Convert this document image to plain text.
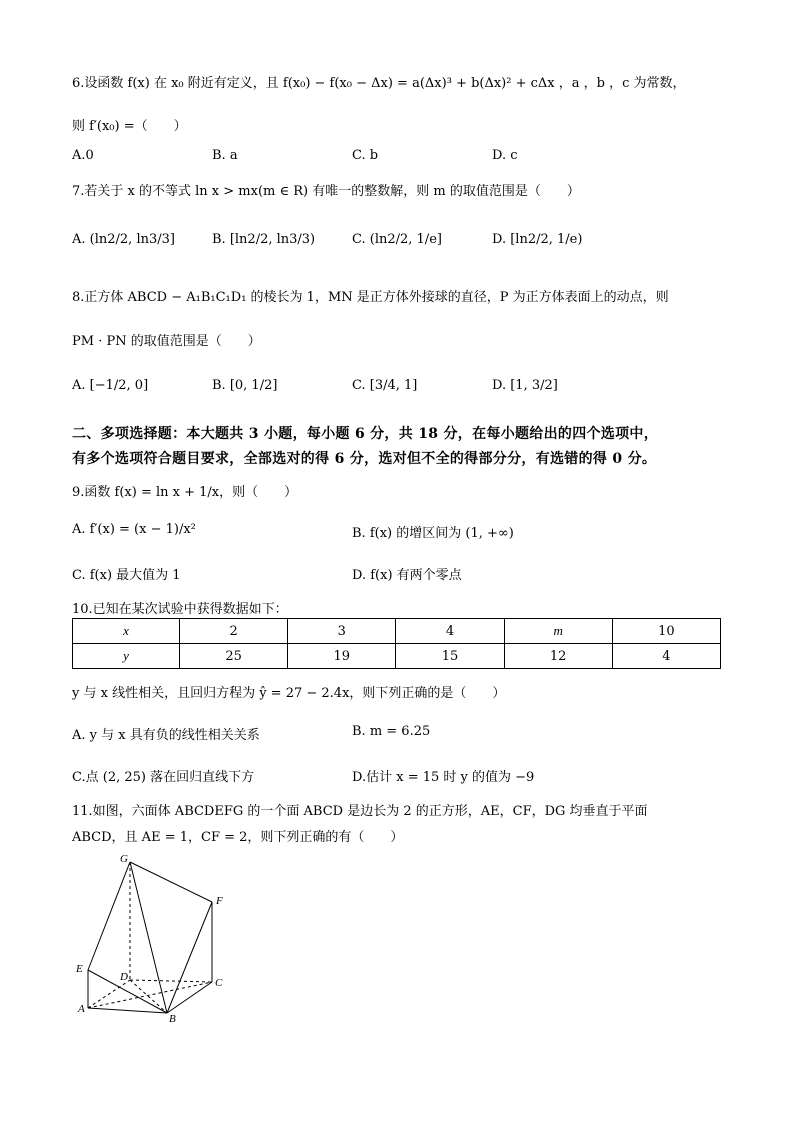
6.设函数 f(x) 在 x₀ 附近有定义，且 f(x₀) − f(x₀ − Δx) = a(Δx)³ + b(Δx)² + cΔx ，a ，b ，c 为常数，
则 f′(x₀) =（　　）
A.0	B. a	C. b	D. c
7.若关于 x 的不等式 ln x > mx(m ∈ R) 有唯一的整数解，则 m 的取值范围是（　　）
A. (ln2/2, ln3/3]	B. [ln2/2, ln3/3)	C. (ln2/2, 1/e]	D. [ln2/2, 1/e)
8.正方体 ABCD − A₁B₁C₁D₁ 的棱长为 1，MN 是正方体外接球的直径，P 为正方体表面上的动点，则
PM · PN 的取值范围是（　　）
A. [−1/2, 0]	B. [0, 1/2]	C. [3/4, 1]	D. [1, 3/2]
二、多项选择题：本大题共 3 小题，每小题 6 分，共 18 分，在每小题给出的四个选项中，
有多个选项符合题目要求，全部选对的得 6 分，选对但不全的得部分分，有选错的得 0 分。
9.函数 f(x) = ln x + 1/x，则（　　）
A. f′(x) = (x − 1)/x²	B. f(x) 的增区间为 (1, +∞)
C. f(x) 最大值为 1	D. f(x) 有两个零点
10.已知在某次试验中获得数据如下：
x	2	3	4	m	10
y	25	19	15	12	4
y 与 x 线性相关，且回归方程为 ŷ = 27 − 2.4x，则下列正确的是（　　）
A. y 与 x 具有负的线性相关关系	B. m = 6.25
C.点 (2, 25) 落在回归直线下方	D.估计 x = 15 时 y 的值为 −9
11.如图，六面体 ABCDEFG 的一个面 ABCD 是边长为 2 的正方形，AE，CF，DG 均垂直于平面
ABCD，且 AE = 1，CF = 2，则下列正确的有（　　）
G
F
E
D	C
A
B
